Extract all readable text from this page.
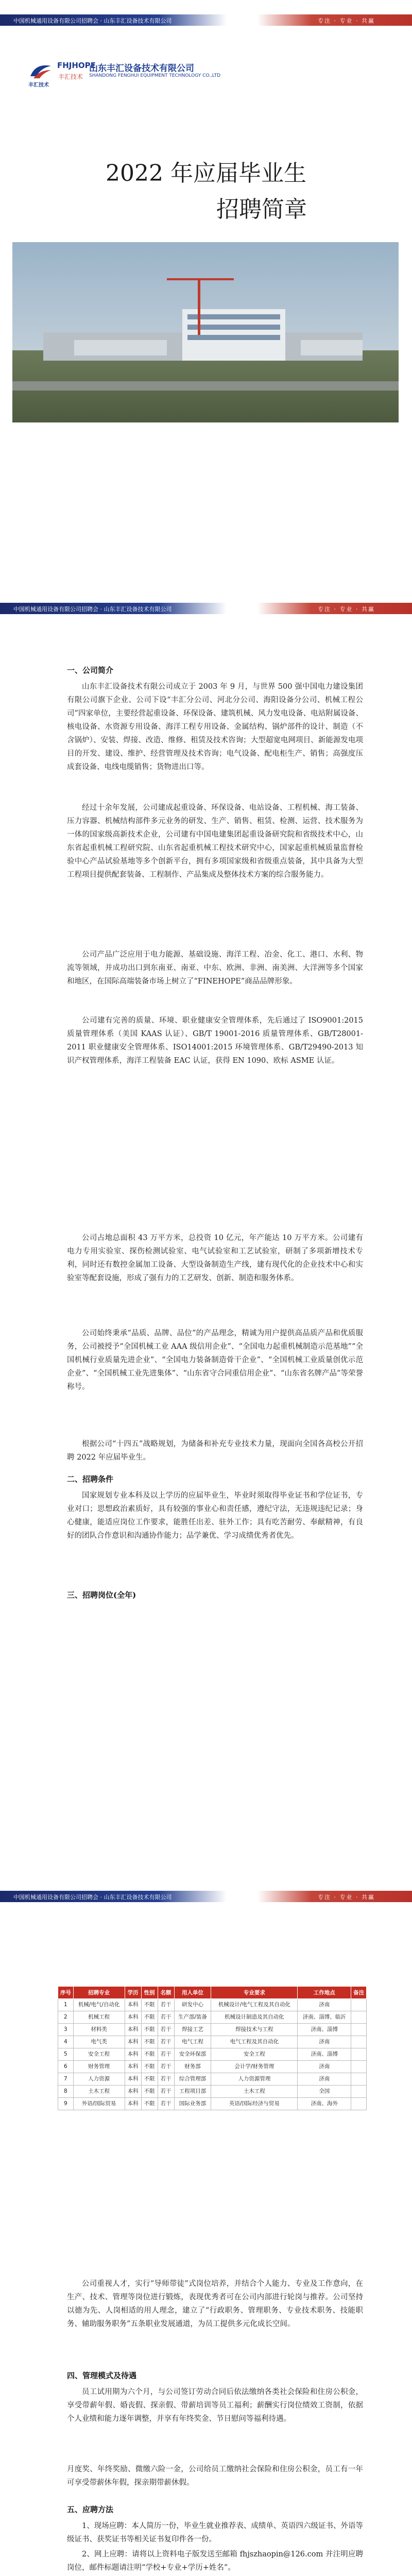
中国机械通用设备有限公司招聘会 · 山东丰汇设备技术有限公司	专注 · 专业 · 共赢
丰汇技术
FHJHOPE
丰汇技术
山东丰汇设备技术有限公司
SHANDONG FENGHUI EQUIPMENT TECHNOLOGY CO.,LTD
2022 年应届毕业生
招聘简章
中国机械通用设备有限公司招聘会 · 山东丰汇设备技术有限公司	专注 · 专业 · 共赢
一、公司简介
山东丰汇设备技术有限公司成立于 2003 年 9 月，与世界 500 强中国电力建设集团有限公司旗下企业、公司下设“丰汇分公司、河北分公司、海阳设备分公司、机械工程公司”四家单位，主要经营起重设备、环保设备、建筑机械、风力发电设备、电站附属设备、核电设备、水资源专用设备、海洋工程专用设备、金属结构、锅炉部件的设计、制造（不含锅炉）、安装、焊接、改造、维修、租赁及技术咨询；大型超宽电网项目、新能源发电项目的开发、建设、维护、经营管理及技术咨询；电气设备、配电柜生产、销售；高强度压成套设备、电线电缆销售；货物进出口等。
经过十余年发展，公司建成起重设备、环保设备、电站设备、工程机械、海工装备、压力容器、机械结构部件多元业务的研发、生产、销售、租赁、检测、运营、技术服务为一体的国家级高新技术企业，公司建有中国电建集团起重设备研究院和省级技术中心，山东省起重机械工程研究院、山东省起重机械工程技术研究中心，国家起重机械质量监督检验中心产品试验基地等多个创新平台，拥有多项国家级和省级重点装备，其中具备为大型工程项目提供配套装备、工程制作、产品集成及整体技术方案的综合服务能力。
公司产品广泛应用于电力能源、基础设施、海洋工程、冶金、化工、港口、水利、物流等领域，并成功出口到东南亚、南亚、中东、欧洲、非洲、南美洲、大洋洲等多个国家和地区，在国际高端装备市场上树立了“FINEHOPE”商品品牌形象。
公司建有完善的质量、环境、职业健康安全管理体系，先后通过了 ISO9001:2015 质量管理体系（美国 KAAS 认证）、GB/T 19001-2016 质量管理体系、GB/T28001-2011 职业健康安全管理体系、ISO14001:2015 环境管理体系、GB/T29490-2013 知识产权管理体系，海洋工程装备 EAC 认证，获得 EN 1090、欧标 ASME 认证。
公司占地总面积 43 万平方米，总投资 10 亿元，年产能达 10 万平方米。公司建有电力专用实验室、探伤检测试验室、电气试验室和工艺试验室，研制了多项新增技术专利，同时还有数控金属加工设备、大型设备制造生产线，建有现代化的企业技术中心和实验室等配套设施，形成了强有力的工艺研发、创新、制造和服务体系。
公司始终秉承“品质、品牌、品位”的产品理念，精诚为用户提供高品质产品和优质服务，公司被授予“全国机械工业 AAA 级信用企业”、“全国电力起重机械制造示范基地”“全国机械行业质量先进企业”、“全国电力装备制造骨干企业”、“全国机械工业质量创优示范企业”、“全国机械工业先进集体”、“山东省守合同重信用企业”、“山东省名牌产品”等荣誉称号。
根据公司“十四五”战略规划，为储备和补充专业技术力量，现面向全国各高校公开招聘 2022 年应届毕业生。
二、招聘条件
国家规划专业本科及以上学历的应届毕业生，毕业时须取得毕业证书和学位证书，专业对口；思想政治素质好，具有较强的事业心和责任感，遵纪守法，无违规违纪记录；身心健康，能适应岗位工作要求，能胜任出差、驻外工作；具有吃苦耐劳、奉献精神，有良好的团队合作意识和沟通协作能力；品学兼优、学习成绩优秀者优先。
三、招聘岗位(全年)
中国机械通用设备有限公司招聘会 · 山东丰汇设备技术有限公司	专注 · 专业 · 共赢
序号	招聘专业	学历	性别	名额	用人单位	专业要求	工作地点	备注
1	机械/电气/自动化	本科	不限	若干	研发中心	机械设计/电气工程及其自动化	济南	
2	机械工程	本科	不限	若干	生产部/装备	机械设计制造及其自动化	济南、淄博、临沂	
3	材料类	本科	不限	若干	焊接工艺	焊接技术与工程	济南、淄博	
4	电气类	本科	不限	若干	电气工程	电气工程及其自动化	济南	
5	安全工程	本科	不限	若干	安全环保部	安全工程	济南、淄博	
6	财务管理	本科	不限	若干	财务部	会计学/财务管理	济南	
7	人力资源	本科	不限	若干	综合管理部	人力资源管理	济南	
8	土木工程	本科	不限	若干	工程项目部	土木工程	全国	
9	外语/国际贸易	本科	不限	若干	国际业务部	英语/国际经济与贸易	济南、海外	
公司重视人才，实行“导师带徒”式岗位培养，并结合个人能力、专业及工作意向，在生产、技术、管理等岗位进行锻炼，表现优秀者可在公司内部进行轮岗与推荐。公司坚持以德为先、人岗相适的用人理念，建立了“行政职务、管理职务、专业技术职务、技能职务、辅助服务职务”五条职业发展通道，为员工提供多元化成长空间。
四、管理模式及待遇
员工试用期为六个月，与公司签订劳动合同后依法缴纳各类社会保险和住房公积金，享受带薪年假、婚丧假、探亲假、带薪培训等员工福利；薪酬实行岗位绩效工资制，依据个人业绩和能力逐年调整，并享有年终奖金、节日慰问等福利待遇。
月度奖、年终奖励、微缴六险一金，公司给员工缴纳社会保险和住房公积金，员工有一年可享受带薪休年假，探亲期带薪休假。
五、应聘方法
1、现场应聘：本人简历一份，毕业生就业推荐表、成绩单、英语四六级证书、外语等级证书、获奖证书等相关证书复印件各一份。
2、网上应聘：请将以上资料电子版发送至邮箱 fhjszhaopin@126.com 并注明应聘岗位，邮件标题请注明“学校+专业+学历+姓名”。
